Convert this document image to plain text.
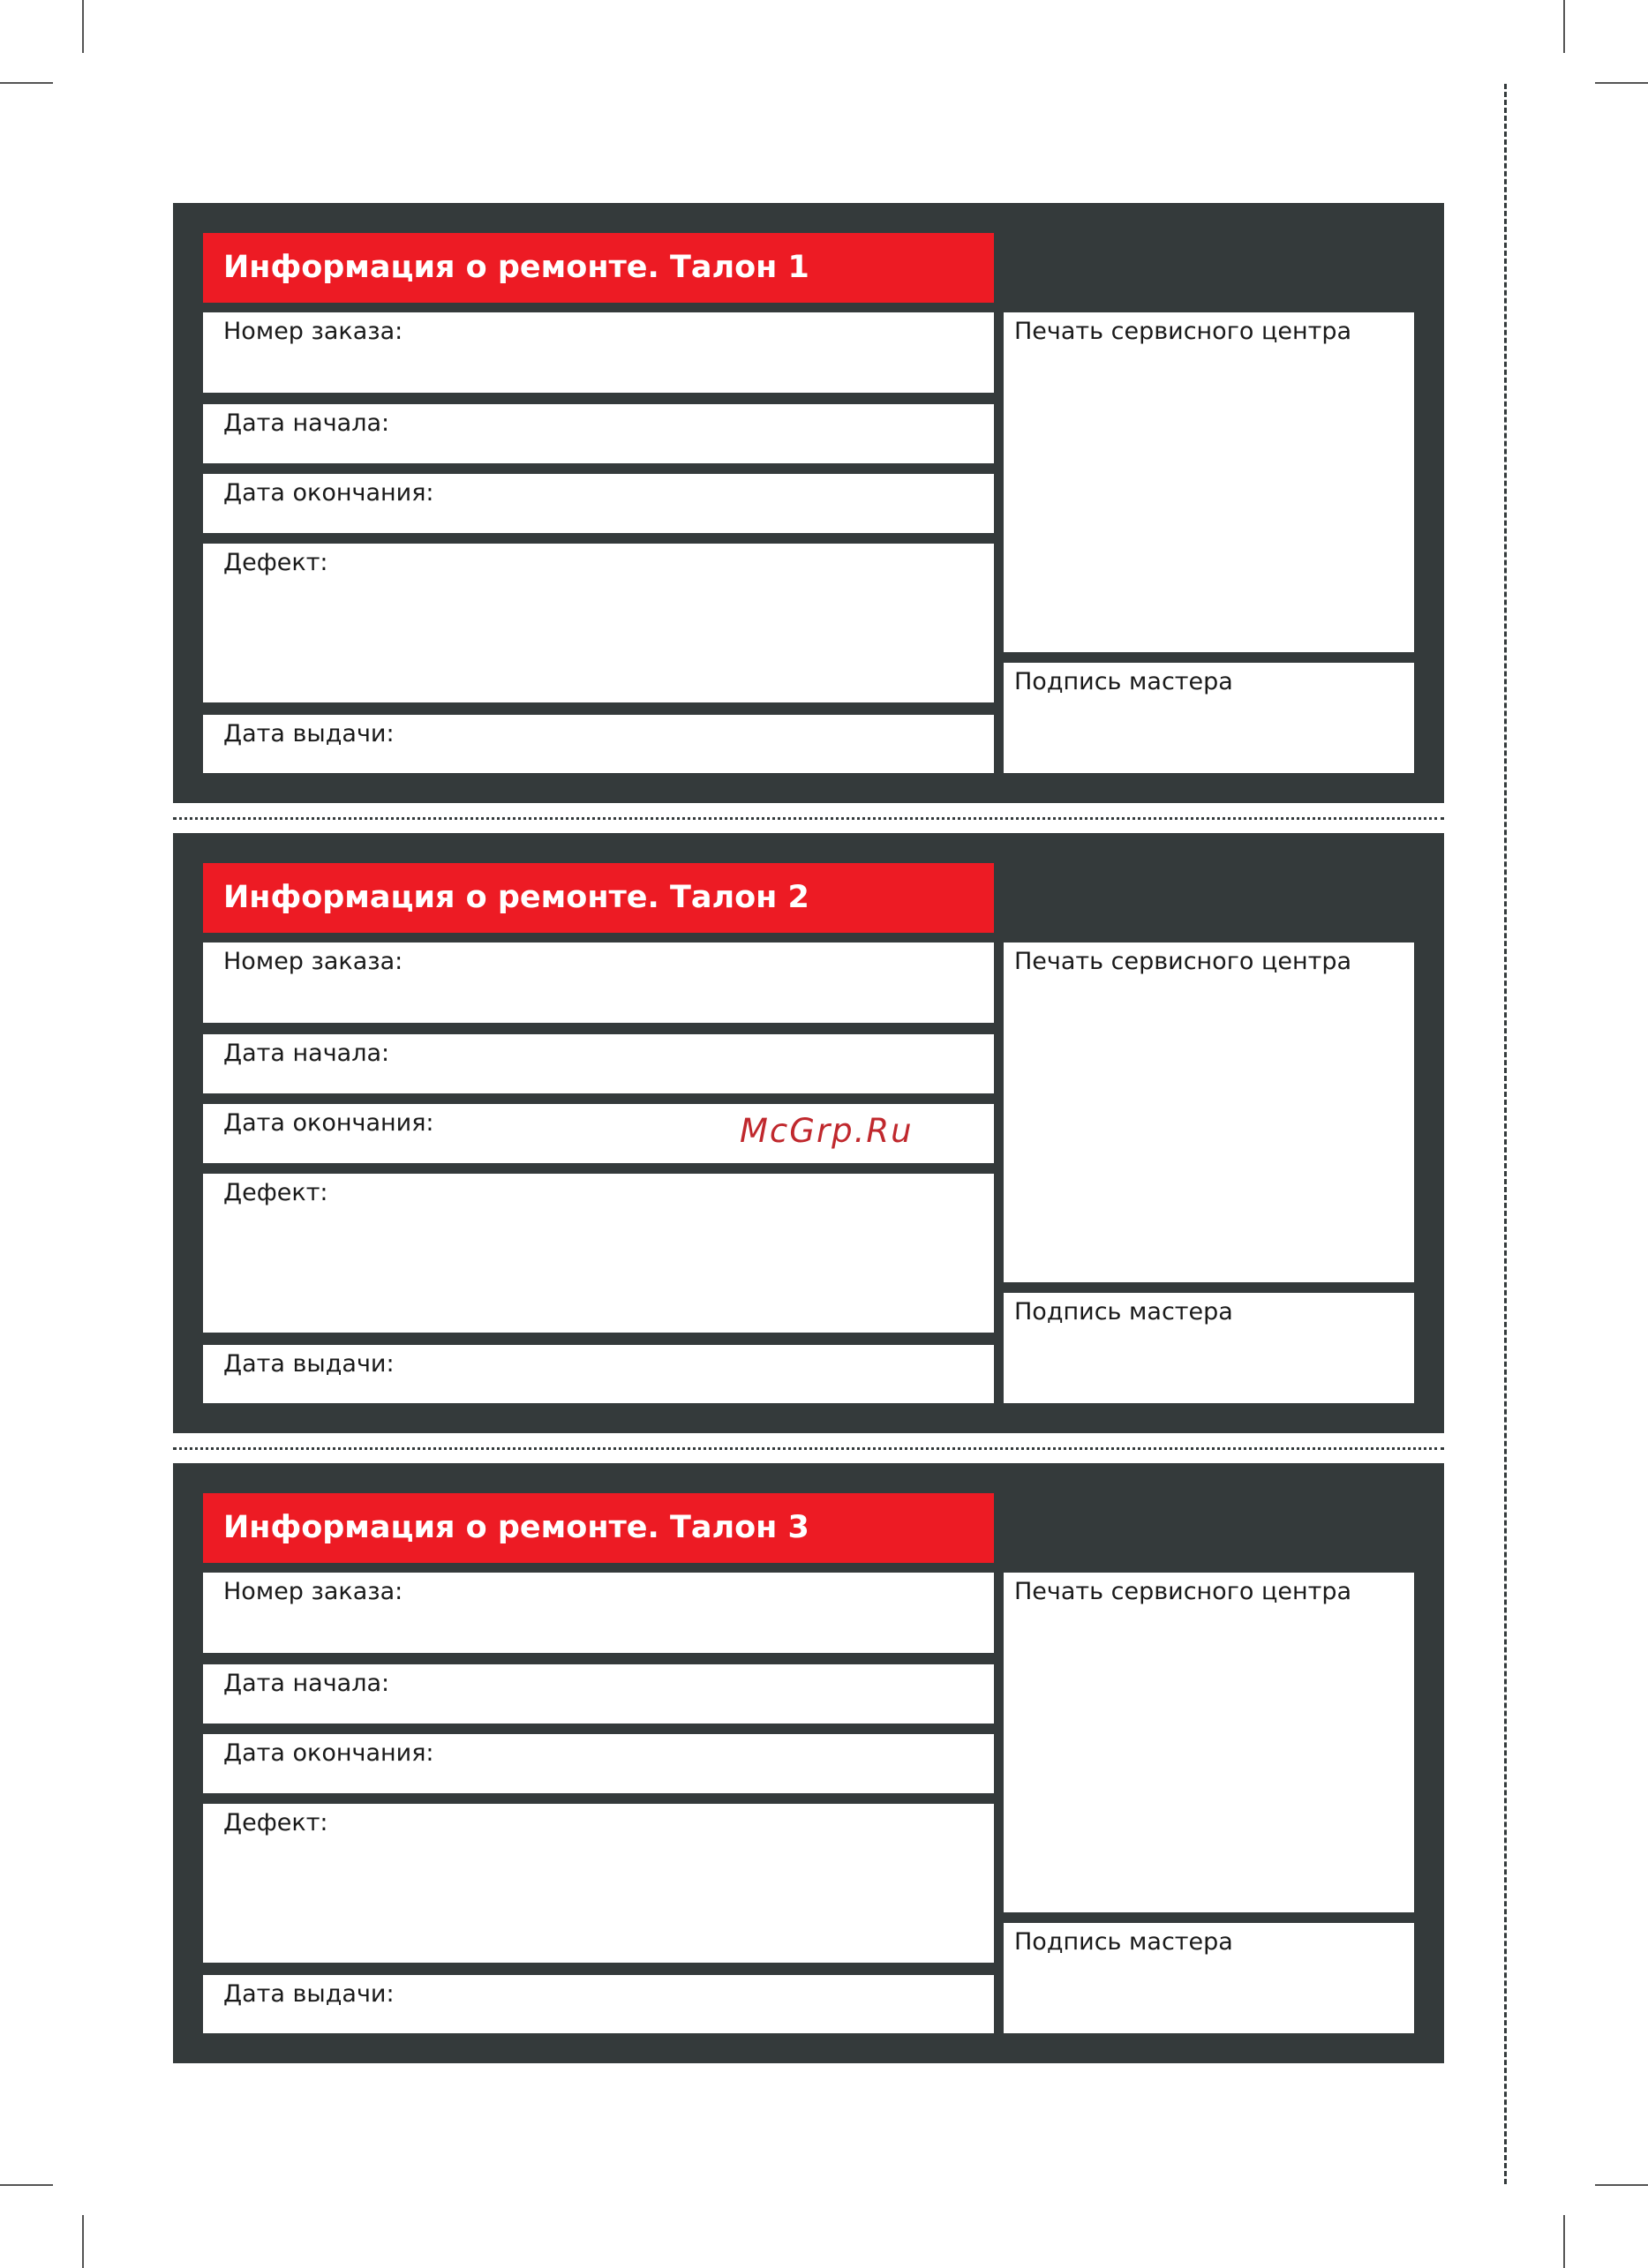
Информация о ремонте. Талон 1
Номер заказа:
Дата начала:
Дата окончания:
Дефект:
Дата выдачи:
Печать сервисного центра
Подпись мастера
Информация о ремонте. Талон 2
Номер заказа:
Дата начала:
Дата окончания:
Дефект:
Дата выдачи:
Печать сервисного центра
Подпись мастера
Информация о ремонте. Талон 3
Номер заказа:
Дата начала:
Дата окончания:
Дефект:
Дата выдачи:
Печать сервисного центра
Подпись мастера
McGrp.Ru
